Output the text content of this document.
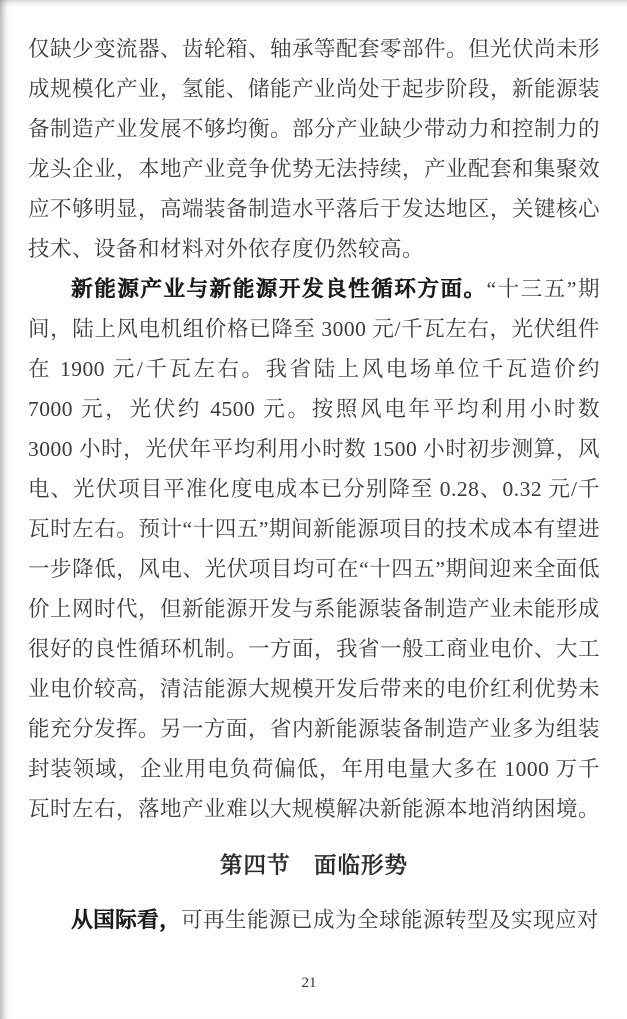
仅缺少变流器、齿轮箱、轴承等配套零部件。但光伏尚未形成规模化产业，氢能、储能产业尚处于起步阶段，新能源装备制造产业发展不够均衡。部分产业缺少带动力和控制力的龙头企业，本地产业竞争优势无法持续，产业配套和集聚效应不够明显，高端装备制造水平落后于发达地区，关键核心技术、设备和材料对外依存度仍然较高。

新能源产业与新能源开发良性循环方面。“十三五”期间，陆上风电机组价格已降至 3000 元/千瓦左右，光伏组件在 1900 元/千瓦左右。我省陆上风电场单位千瓦造价约 7000 元，光伏约 4500 元。按照风电年平均利用小时数 3000 小时，光伏年平均利用小时数 1500 小时初步测算，风电、光伏项目平准化度电成本已分别降至 0.28、0.32 元/千瓦时左右。预计“十四五”期间新能源项目的技术成本有望进一步降低，风电、光伏项目均可在“十四五”期间迎来全面低价上网时代，但新能源开发与系能源装备制造产业未能形成很好的良性循环机制。一方面，我省一般工商业电价、大工业电价较高，清洁能源大规模开发后带来的电价红利优势未能充分发挥。另一方面，省内新能源装备制造产业多为组装封装领域，企业用电负荷偏低，年用电量大多在 1000 万千瓦时左右，落地产业难以大规模解决新能源本地消纳困境。

第四节　面临形势

从国际看，可再生能源已成为全球能源转型及实现应对

21
